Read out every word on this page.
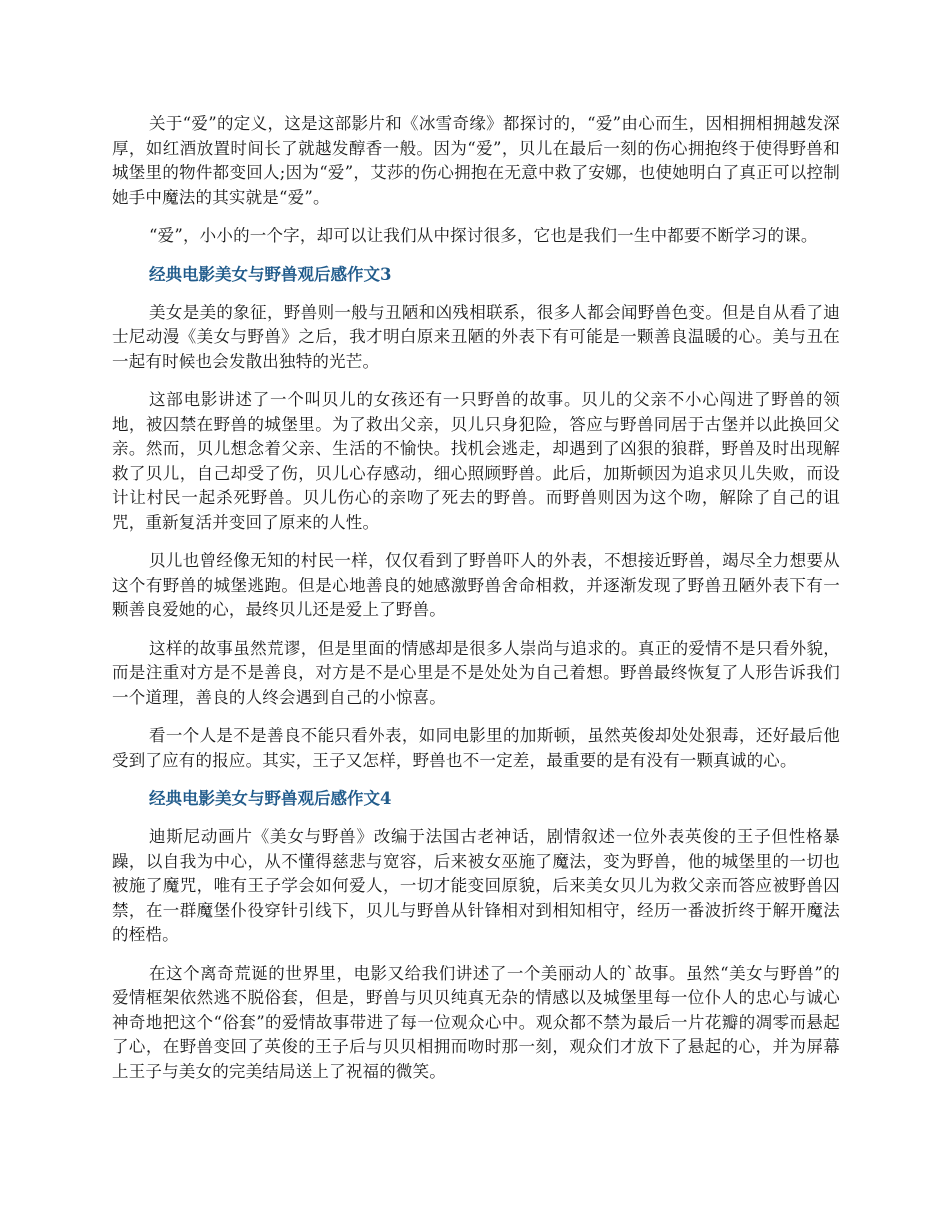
关于“爱”的定义，这是这部影片和《冰雪奇缘》都探讨的，“爱”由心而生，因相拥相拥越发深厚，如红酒放置时间长了就越发醇香一般。因为“爱”，贝儿在最后一刻的伤心拥抱终于使得野兽和城堡里的物件都变回人;因为“爱”，艾莎的伤心拥抱在无意中救了安娜，也使她明白了真正可以控制她手中魔法的其实就是“爱”。

“爱”，小小的一个字，却可以让我们从中探讨很多，它也是我们一生中都要不断学习的课。

经典电影美女与野兽观后感作文3

美女是美的象征，野兽则一般与丑陋和凶残相联系，很多人都会闻野兽色变。但是自从看了迪士尼动漫《美女与野兽》之后，我才明白原来丑陋的外表下有可能是一颗善良温暖的心。美与丑在一起有时候也会发散出独特的光芒。

这部电影讲述了一个叫贝儿的女孩还有一只野兽的故事。贝儿的父亲不小心闯进了野兽的领地，被囚禁在野兽的城堡里。为了救出父亲，贝儿只身犯险，答应与野兽同居于古堡并以此换回父亲。然而，贝儿想念着父亲、生活的不愉快。找机会逃走，却遇到了凶狠的狼群，野兽及时出现解救了贝儿，自己却受了伤，贝儿心存感动，细心照顾野兽。此后，加斯顿因为追求贝儿失败，而设计让村民一起杀死野兽。贝儿伤心的亲吻了死去的野兽。而野兽则因为这个吻，解除了自己的诅咒，重新复活并变回了原来的人性。

贝儿也曾经像无知的村民一样，仅仅看到了野兽吓人的外表，不想接近野兽，竭尽全力想要从这个有野兽的城堡逃跑。但是心地善良的她感激野兽舍命相救，并逐渐发现了野兽丑陋外表下有一颗善良爱她的心，最终贝儿还是爱上了野兽。

这样的故事虽然荒谬，但是里面的情感却是很多人崇尚与追求的。真正的爱情不是只看外貌，而是注重对方是不是善良，对方是不是心里是不是处处为自己着想。野兽最终恢复了人形告诉我们一个道理，善良的人终会遇到自己的小惊喜。

看一个人是不是善良不能只看外表，如同电影里的加斯顿，虽然英俊却处处狠毒，还好最后他受到了应有的报应。其实，王子又怎样，野兽也不一定差，最重要的是有没有一颗真诚的心。

经典电影美女与野兽观后感作文4

迪斯尼动画片《美女与野兽》改编于法国古老神话，剧情叙述一位外表英俊的王子但性格暴躁，以自我为中心，从不懂得慈悲与宽容，后来被女巫施了魔法，变为野兽，他的城堡里的一切也被施了魔咒，唯有王子学会如何爱人，一切才能变回原貌，后来美女贝儿为救父亲而答应被野兽囚禁，在一群魔堡仆役穿针引线下，贝儿与野兽从针锋相对到相知相守，经历一番波折终于解开魔法的桎梏。

在这个离奇荒诞的世界里，电影又给我们讲述了一个美丽动人的`故事。虽然“美女与野兽”的爱情框架依然逃不脱俗套，但是，野兽与贝贝纯真无杂的情感以及城堡里每一位仆人的忠心与诚心神奇地把这个“俗套”的爱情故事带进了每一位观众心中。观众都不禁为最后一片花瓣的凋零而悬起了心，在野兽变回了英俊的王子后与贝贝相拥而吻时那一刻，观众们才放下了悬起的心，并为屏幕上王子与美女的完美结局送上了祝福的微笑。
